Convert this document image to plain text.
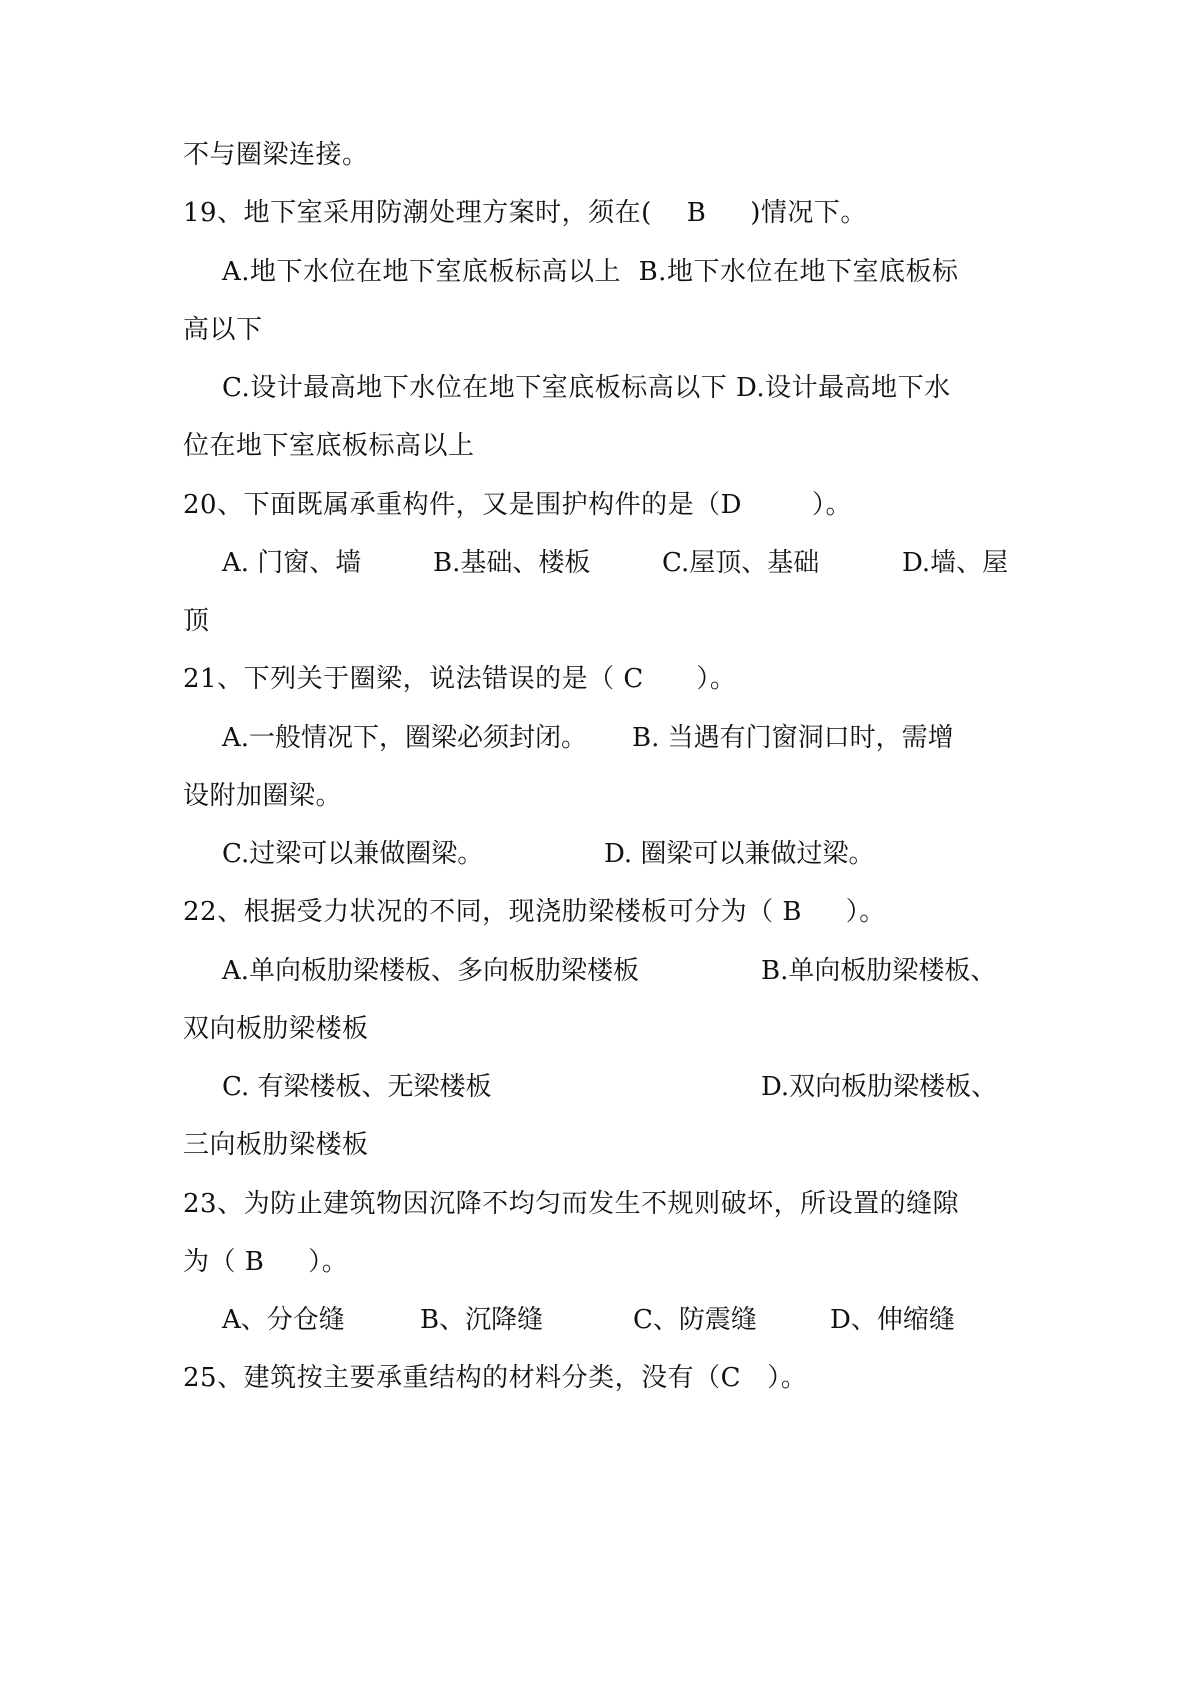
不与圈梁连接。
19、地下室采用防潮处理方案时，须在(    B     )情况下。
A.地下水位在地下室底板标高以上  B.地下水位在地下室底板标
高以下
C.设计最高地下水位在地下室底板标高以下 D.设计最高地下水
位在地下室底板标高以上
20、下面既属承重构件，又是围护构件的是（D        ）。
A. 门窗、墙	B.基础、楼板	C.屋顶、基础	D.墙、屋
顶
21、下列关于圈梁，说法错误的是（ C      ）。
A.一般情况下，圈梁必须封闭。 B. 当遇有门窗洞口时，需增
设附加圈梁。
C.过梁可以兼做圈梁。	D. 圈梁可以兼做过梁。
22、根据受力状况的不同，现浇肋梁楼板可分为（ B     ）。
A.单向板肋梁楼板、多向板肋梁楼板	B.单向板肋梁楼板、
双向板肋梁楼板
C. 有梁楼板、无梁楼板	D.双向板肋梁楼板、
三向板肋梁楼板
23、为防止建筑物因沉降不均匀而发生不规则破坏，所设置的缝隙
为（ B     ）。
A、分仓缝	B、沉降缝	C、防震缝	D、伸缩缝
25、建筑按主要承重结构的材料分类，没有（C   ）。
